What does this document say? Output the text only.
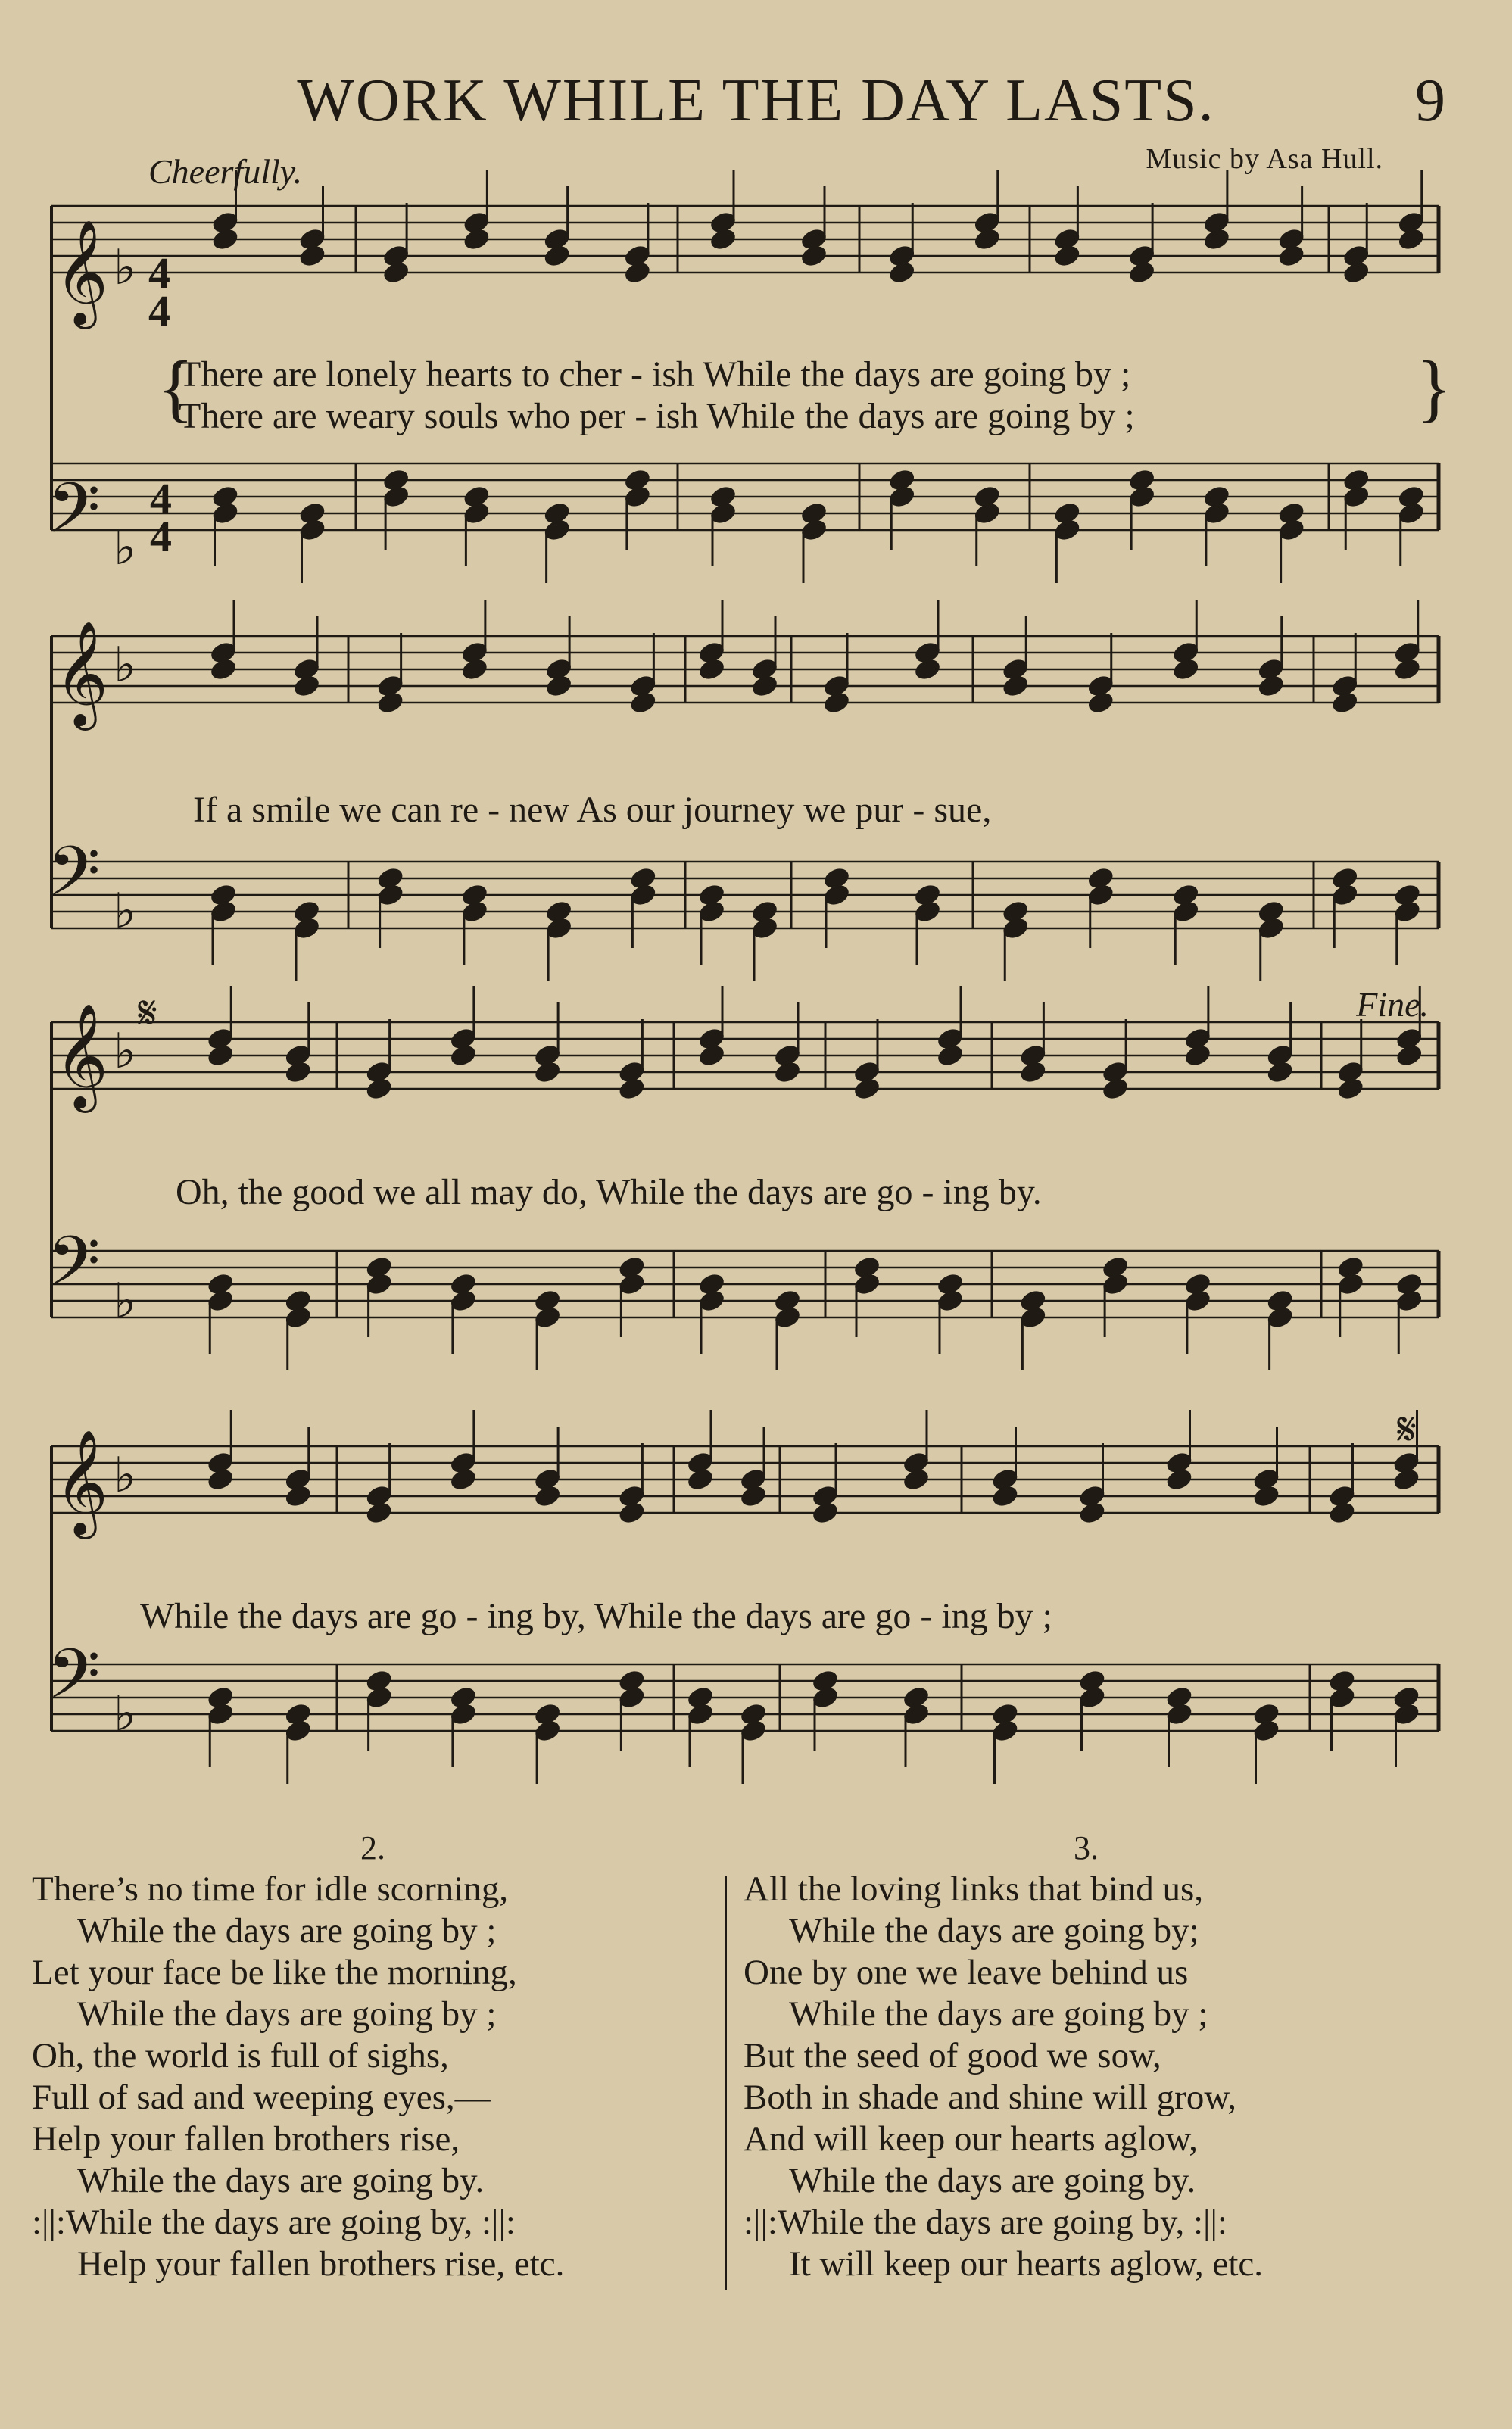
WORK WHILE THE DAY LASTS.	9
Cheerfully.	Music by Asa Hull.
Fine.
𝄞
𝄞
𝄞
𝄞
𝄢
𝄢
𝄢
𝄢
♭
♭
♭
♭
♭
♭
♭
♭
4
4
4
4
𝄋
𝄋
There are lonely hearts to cher - ish While the days are going by ;
There are weary souls who per - ish While the days are going by ;
If a smile we can re - new As our journey we pur - sue,
Oh, the good we all may do, While the days are go - ing by.
While the days are go - ing by, While the days are go - ing by ;
{	}
2.	3.
There’s no time for idle scorning,
While the days are going by ;
Let your face be like the morning,
While the days are going by ;
Oh, the world is full of sighs,
Full of sad and weeping eyes,—
Help your fallen brothers rise,
While the days are going by.
:||:While the days are going by, :||:
Help your fallen brothers rise, etc.
All the loving links that bind us,
While the days are going by;
One by one we leave behind us
While the days are going by ;
But the seed of good we sow,
Both in shade and shine will grow,
And will keep our hearts aglow,
While the days are going by.
:||:While the days are going by, :||:
It will keep our hearts aglow, etc.
